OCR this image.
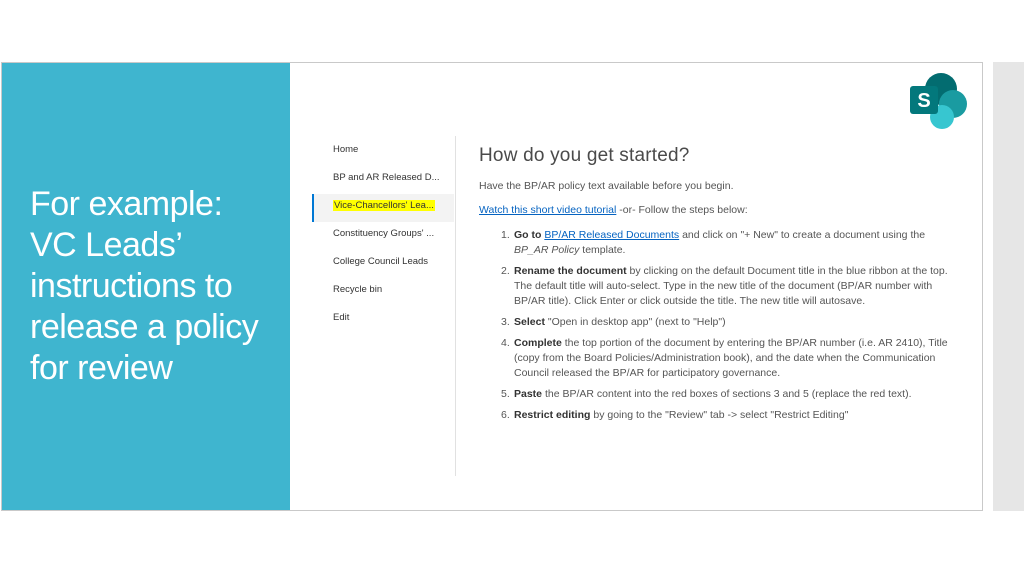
For example:
VC Leads’
instructions to
release a policy
for review
S
Home
BP and AR Released D...
Vice-Chancellors' Lea...
Constituency Groups' ...
College Council Leads
Recycle bin
Edit
How do you get started?

Have the BP/AR policy text available before you begin.

Watch this short video tutorial -or- Follow the steps below:

1. Go to BP/AR Released Documents and click on "+ New" to create a document using the BP_AR Policy template.
2. Rename the document by clicking on the default Document title in the blue ribbon at the top. The default title will auto-select. Type in the new title of the document (BP/AR number with BP/AR title). Click Enter or click outside the title. The new title will autosave.
3. Select "Open in desktop app" (next to "Help")
4. Complete the top portion of the document by entering the BP/AR number (i.e. AR 2410), Title (copy from the Board Policies/Administration book), and the date when the Communication Council released the BP/AR for participatory governance.
5. Paste the BP/AR content into the red boxes of sections 3 and 5 (replace the red text).
6. Restrict editing by going to the "Review" tab -> select "Restrict Editing"
